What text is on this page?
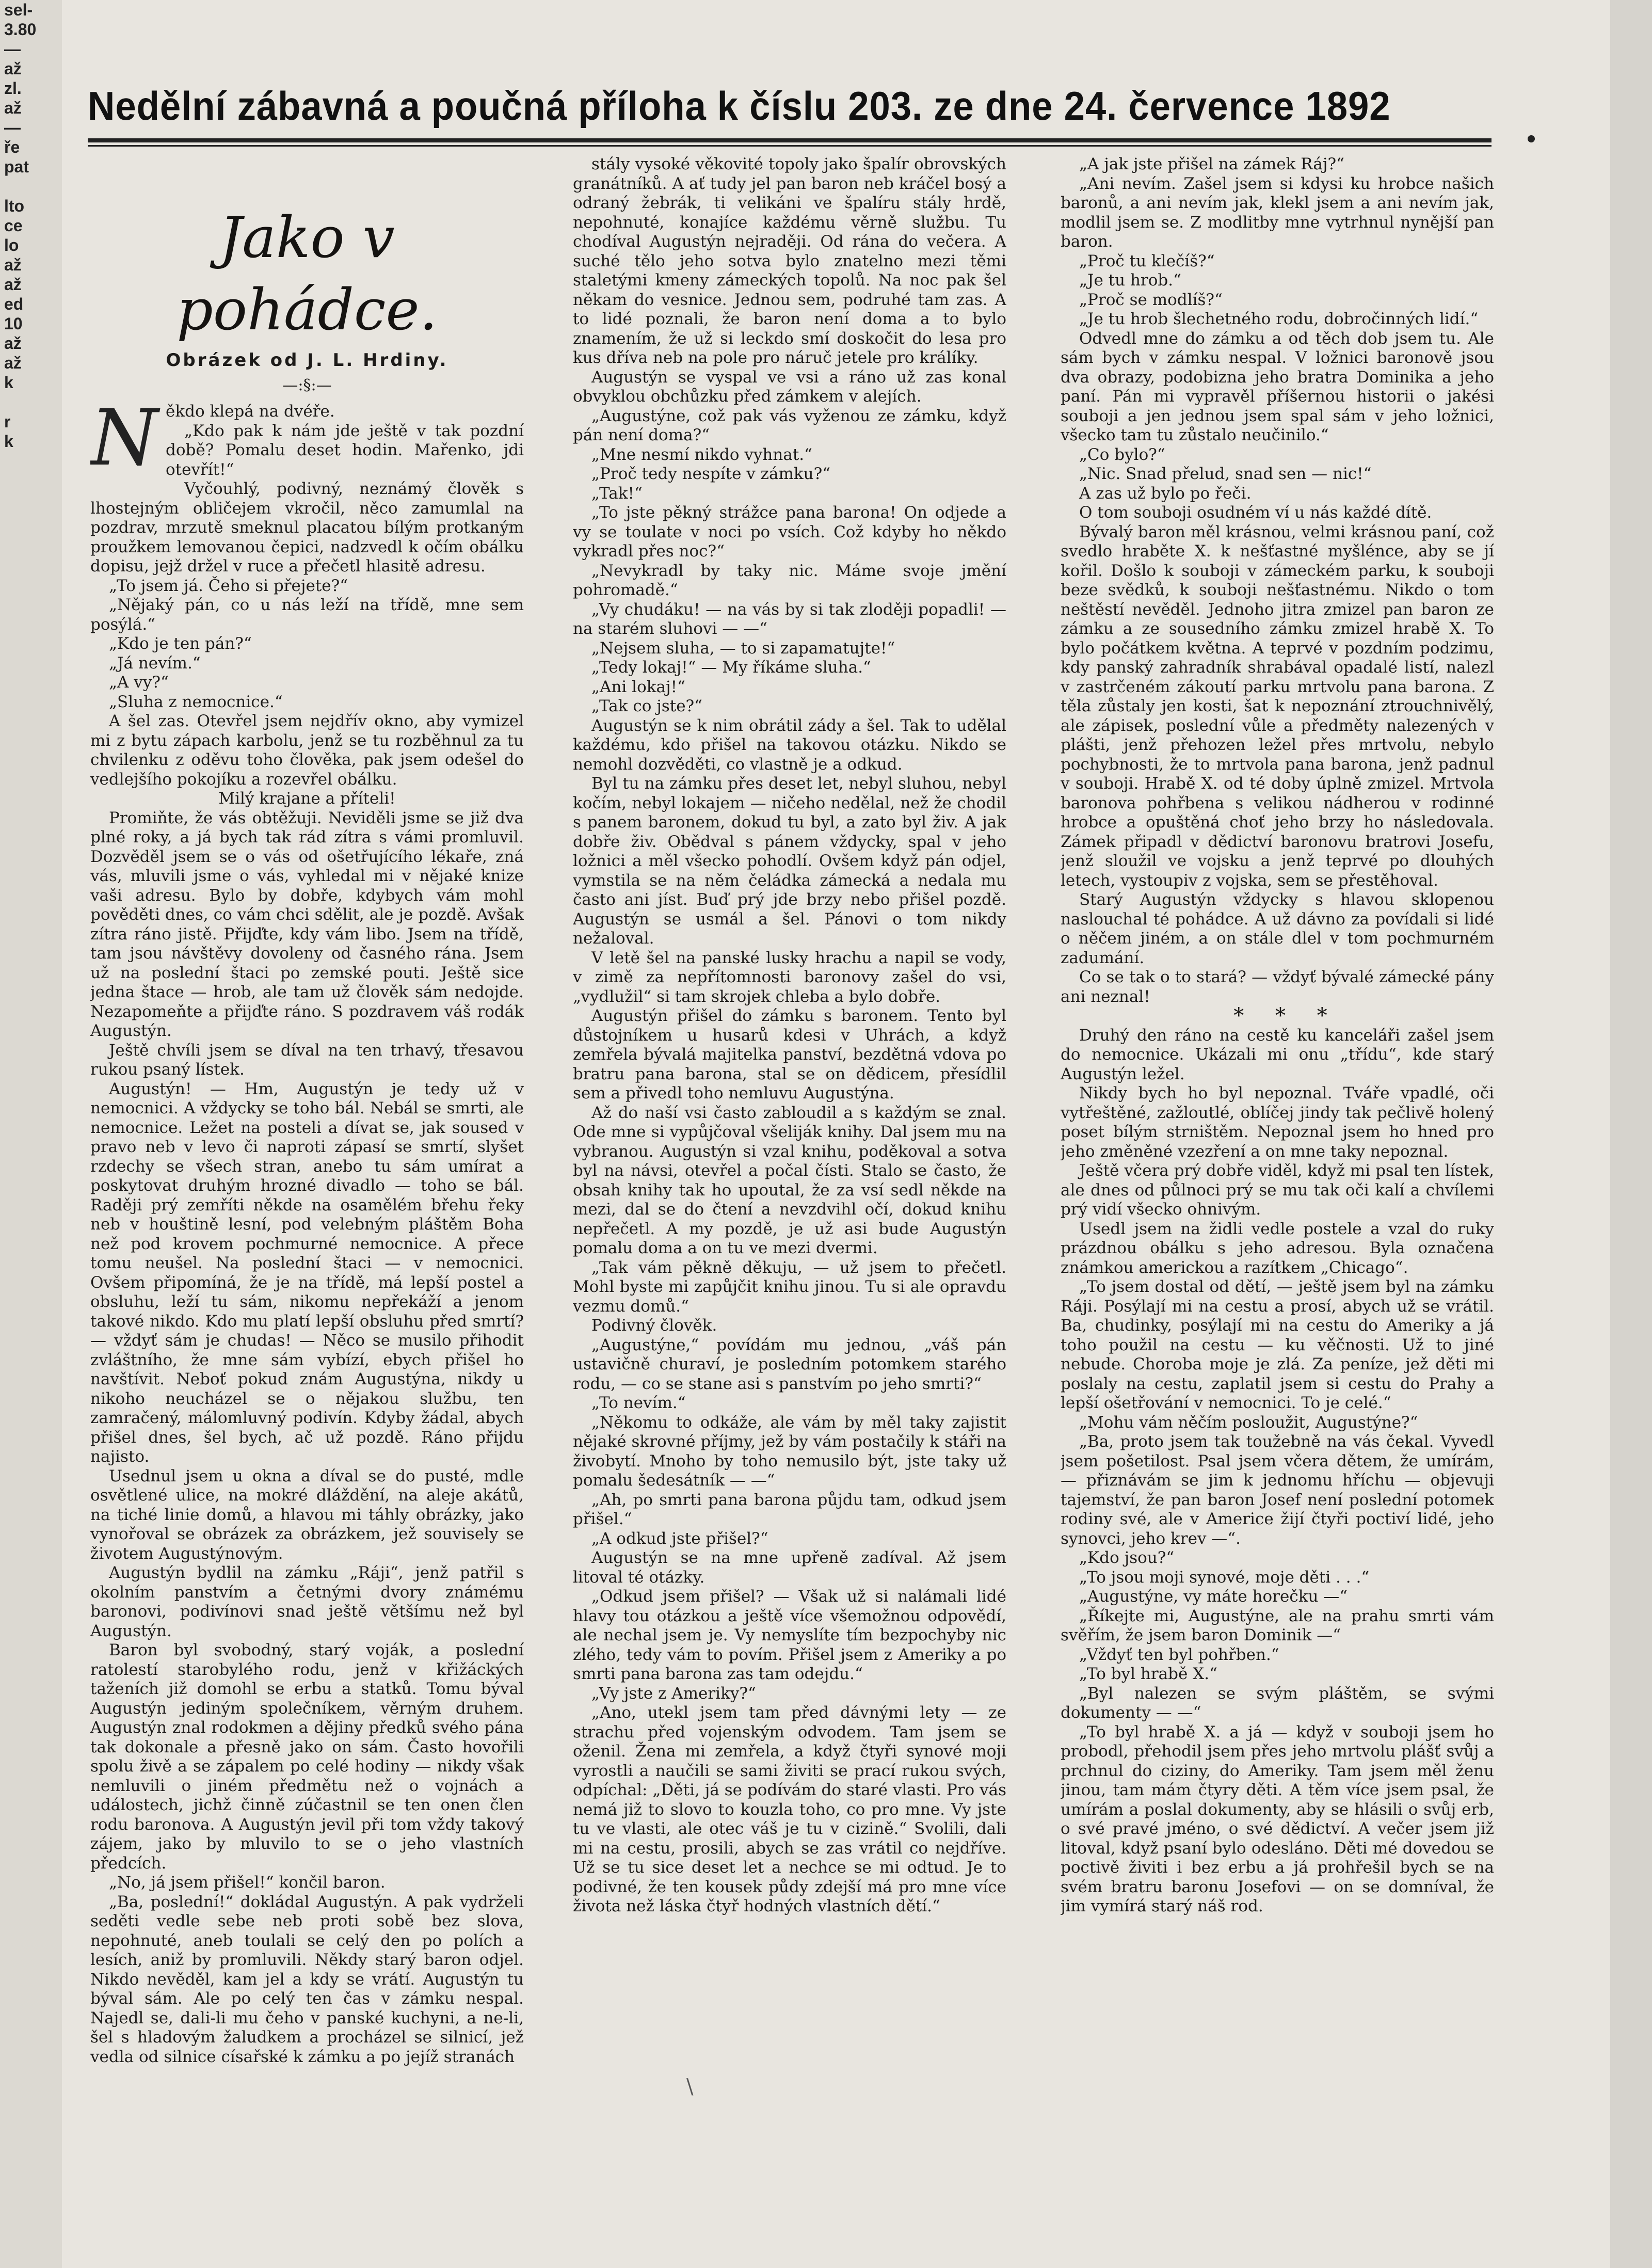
sel-
3.80
—
až
zl.
až
—
ře
pat

lto
ce
lo
až
až
ed
10
až
až
k

r
k
Nedělní zábavná a poučná příloha k číslu 203. ze dne 24. července 1892
Jako v pohádce.
Obrázek od J. L. Hrdiny.
—:§:—
N ěkdo klepá na dvéře.

„Kdo pak k nám jde ještě v tak pozdní době? Pomalu deset hodin. Mařenko, jdi otevřít!“

Vyčouhlý, podivný, neznámý člověk s lhostejným obličejem vkročil, něco zamumlal na pozdrav, mrzutě smeknul placatou bílým protkaným proužkem lemovanou čepici, nadzvedl k očím obálku dopisu, jejž držel v ruce a přečetl hlasitě adresu.

„To jsem já. Čeho si přejete?“

„Nějaký pán, co u nás leží na třídě, mne sem posýlá.“

„Kdo je ten pán?“

„Já nevím.“

„A vy?“

„Sluha z nemocnice.“

A šel zas. Otevřel jsem nejdřív okno, aby vymizel mi z bytu zápach karbolu, jenž se tu rozběhnul za tu chvilenku z oděvu toho člověka, pak jsem odešel do vedlejšího pokojíku a rozevřel obálku.

Milý krajane a příteli!

Promiňte, že vás obtěžuji. Neviděli jsme se již dva plné roky, a já bych tak rád zítra s vámi promluvil. Dozvěděl jsem se o vás od ošetřujícího lékaře, zná vás, mluvili jsme o vás, vyhledal mi v nějaké knize vaši adresu. Bylo by dobře, kdybych vám mohl pověděti dnes, co vám chci sdělit, ale je pozdě. Avšak zítra ráno jistě. Přijďte, kdy vám libo. Jsem na třídě, tam jsou návštěvy dovoleny od časného rána. Jsem už na poslední štaci po zemské pouti. Ještě sice jedna štace — hrob, ale tam už člověk sám nedojde. Nezapomeňte a přijďte ráno. S pozdravem váš rodák Augustýn.

Ještě chvíli jsem se díval na ten trhavý, třesavou rukou psaný lístek.

Augustýn! — Hm, Augustýn je tedy už v nemocnici. A vždycky se toho bál. Nebál se smrti, ale nemocnice. Ležet na posteli a dívat se, jak soused v pravo neb v levo či naproti zápasí se smrtí, slyšet rzdechy se všech stran, anebo tu sám umírat a poskytovat druhým hrozné divadlo — toho se bál. Raději prý zemříti někde na osamělém břehu řeky neb v houštině lesní, pod velebným pláštěm Boha než pod krovem pochmurné nemocnice. A přece tomu neušel. Na poslední štaci — v nemocnici. Ovšem připomíná, že je na třídě, má lepší postel a obsluhu, leží tu sám, nikomu nepřekáží a jenom takové nikdo. Kdo mu platí lepší obsluhu před smrtí? — vždyť sám je chudas! — Něco se musilo přihodit zvláštního, že mne sám vybízí, ebych přišel ho navštívit. Neboť pokud znám Augustýna, nikdy u nikoho neucházel se o nějakou službu, ten zamračený, málomluvný podivín. Kdyby žádal, abych přišel dnes, šel bych, ač už pozdě. Ráno přijdu najisto.

Usednul jsem u okna a díval se do pusté, mdle osvětlené ulice, na mokré dláždění, na aleje akátů, na tiché linie domů, a hlavou mi táhly obrázky, jako vynořoval se obrázek za obrázkem, jež souvisely se životem Augustýnovým.

Augustýn bydlil na zámku „Ráji“, jenž patřil s okolním panstvím a četnými dvory známému baronovi, podivínovi snad ještě většímu než byl Augustýn.

Baron byl svobodný, starý voják, a poslední ratolestí starobylého rodu, jenž v křižáckých taženích již domohl se erbu a statků. Tomu býval Augustýn jediným společníkem, věrným druhem. Augustýn znal rodokmen a dějiny předků svého pána tak dokonale a přesně jako on sám. Často hovořili spolu živě a se zápalem po celé hodiny — nikdy však nemluvili o jiném předmětu než o vojnách a událostech, jichž činně zúčastnil se ten onen člen rodu baronova. A Augustýn jevil při tom vždy takový zájem, jako by mluvilo to se o jeho vlastních předcích.

„No, já jsem přišel!“ končil baron.

„Ba, poslední!“ dokládal Augustýn. A pak vydrželi seděti vedle sebe neb proti sobě bez slova, nepohnuté, aneb toulali se celý den po polích a lesích, aniž by promluvili. Někdy starý baron odjel. Nikdo nevěděl, kam jel a kdy se vrátí. Augustýn tu býval sám. Ale po celý ten čas v zámku nespal. Najedl se, dali-li mu čeho v panské kuchyni, a ne-li, šel s hladovým žaludkem a procházel se silnicí, jež vedla od silnice císařské k zámku a po jejíž stranách

stály vysoké věkovité topoly jako špalír obrovských granátníků. A ať tudy jel pan baron neb kráčel bosý a odraný žebrák, ti velikáni ve špalíru stály hrdě, nepohnuté, konajíce každému věrně službu. Tu chodíval Augustýn nejraději. Od rána do večera. A suché tělo jeho sotva bylo znatelno mezi těmi staletými kmeny zámeckých topolů. Na noc pak šel někam do vesnice. Jednou sem, podruhé tam zas. A to lidé poznali, že baron není doma a to bylo znamením, že už si leckdo smí doskočit do lesa pro kus dříva neb na pole pro náruč jetele pro králíky.

Augustýn se vyspal ve vsi a ráno už zas konal obvyklou obchůzku před zámkem v alejích.

„Augustýne, což pak vás vyženou ze zámku, když pán není doma?“

„Mne nesmí nikdo vyhnat.“

„Proč tedy nespíte v zámku?“

„Tak!“

„To jste pěkný strážce pana barona! On odjede a vy se toulate v noci po vsích. Což kdyby ho někdo vykradl přes noc?“

„Nevykradl by taky nic. Máme svoje jmění pohromadě.“

„Vy chudáku! — na vás by si tak zloději popadli! — na starém sluhovi — —“

„Nejsem sluha, — to si zapamatujte!“

„Tedy lokaj!“ — My říkáme sluha.“

„Ani lokaj!“

„Tak co jste?“

Augustýn se k nim obrátil zády a šel. Tak to udělal každému, kdo přišel na takovou otázku. Nikdo se nemohl dozvěděti, co vlastně je a odkud.

Byl tu na zámku přes deset let, nebyl sluhou, nebyl kočím, nebyl lokajem — ničeho nedělal, než že chodil s panem baronem, dokud tu byl, a zato byl živ. A jak dobře živ. Obědval s pánem vždycky, spal v jeho ložnici a měl všecko pohodlí. Ovšem když pán odjel, vymstila se na něm čeládka zámecká a nedala mu často ani jíst. Buď prý jde brzy nebo přišel pozdě. Augustýn se usmál a šel. Pánovi o tom nikdy nežaloval.

V letě šel na panské lusky hrachu a napil se vody, v zimě za nepřítomnosti baronovy zašel do vsi, „vydlužil“ si tam skrojek chleba a bylo dobře.

Augustýn přišel do zámku s baronem. Tento byl důstojníkem u husarů kdesi v Uhrách, a když zemřela bývalá majitelka panství, bezdětná vdova po bratru pana barona, stal se on dědicem, přesídlil sem a přivedl toho nemluvu Augustýna.

Až do naší vsi často zabloudil a s každým se znal. Ode mne si vypůjčoval všeliják knihy. Dal jsem mu na vybranou. Augustýn si vzal knihu, poděkoval a sotva byl na návsi, otevřel a počal čísti. Stalo se často, že obsah knihy tak ho upoutal, že za vsí sedl někde na mezi, dal se do čtení a nevzdvihl očí, dokud knihu nepřečetl. A my pozdě, je už asi bude Augustýn pomalu doma a on tu ve mezi dvermi.

„Tak vám pěkně děkuju, — už jsem to přečetl. Mohl byste mi zapůjčit knihu jinou. Tu si ale opravdu vezmu domů.“

Podivný člověk.

„Augustýne,“ povídám mu jednou, „váš pán ustavičně churaví, je posledním potomkem starého rodu, — co se stane asi s panstvím po jeho smrti?“

„To nevím.“

„Někomu to odkáže, ale vám by měl taky zajistit nějaké skrovné příjmy, jež by vám postačily k stáři na živobytí. Mnoho by toho nemusilo být, jste taky už pomalu šedesátník — —“

„Ah, po smrti pana barona půjdu tam, odkud jsem přišel.“

„A odkud jste přišel?“

Augustýn se na mne upřeně zadíval. Až jsem litoval té otázky.

„Odkud jsem přišel? — Však už si nalámali lidé hlavy tou otázkou a ještě více všemožnou odpovědí, ale nechal jsem je. Vy nemyslíte tím bezpochyby nic zlého, tedy vám to povím. Přišel jsem z Ameriky a po smrti pana barona zas tam odejdu.“

„Vy jste z Ameriky?“

„Ano, utekl jsem tam před dávnými lety — ze strachu před vojenským odvodem. Tam jsem se oženil. Žena mi zemřela, a když čtyři synové moji vyrostli a naučili se sami živiti se prací rukou svých, odpíchal: „Děti, já se podívám do staré vlasti. Pro vás nemá již to slovo to kouzla toho, co pro mne. Vy jste tu ve vlasti, ale otec váš je tu v cizině.“ Svolili, dali mi na cestu, prosili, abych se zas vrátil co nejdříve. Už se tu sice deset let a nechce se mi odtud. Je to podivné, že ten kousek půdy zdejší má pro mne více života než láska čtyř hodných vlastních dětí.“

„A jak jste přišel na zámek Ráj?“

„Ani nevím. Zašel jsem si kdysi ku hrobce našich baronů, a ani nevím jak, klekl jsem a ani nevím jak, modlil jsem se. Z modlitby mne vytrhnul nynější pan baron.

„Proč tu klečíš?“

„Je tu hrob.“

„Proč se modlíš?“

„Je tu hrob šlechetného rodu, dobročinných lidí.“

Odvedl mne do zámku a od těch dob jsem tu. Ale sám bych v zámku nespal. V ložnici baronově jsou dva obrazy, podobizna jeho bratra Dominika a jeho paní. Pán mi vypravěl příšernou historii o jakési souboji a jen jednou jsem spal sám v jeho ložnici, všecko tam tu zůstalo neučinilo.“

„Co bylo?“

„Nic. Snad přelud, snad sen — nic!“

A zas už bylo po řeči.

O tom souboji osudném ví u nás každé dítě.

Bývalý baron měl krásnou, velmi krásnou paní, což svedlo hraběte X. k nešťastné myšlénce, aby se jí kořil. Došlo k souboji v zámeckém parku, k souboji beze svědků, k souboji nešťastnému. Nikdo o tom neštěstí nevěděl. Jednoho jitra zmizel pan baron ze zámku a ze sousedního zámku zmizel hrabě X. To bylo počátkem května. A teprvé v pozdním podzimu, kdy panský zahradník shrabával opadalé listí, nalezl v zastrčeném zákoutí parku mrtvolu pana barona. Z těla zůstaly jen kosti, šat k nepoznání ztrouchnivělý, ale zápisek, poslední vůle a předměty nalezených v plášti, jenž přehozen ležel přes mrtvolu, nebylo pochybnosti, že to mrtvola pana barona, jenž padnul v souboji. Hrabě X. od té doby úplně zmizel. Mrtvola baronova pohřbena s velikou nádherou v rodinné hrobce a opuštěná choť jeho brzy ho následovala. Zámek připadl v dědictví baronovu bratrovi Josefu, jenž sloužil ve vojsku a jenž teprvé po dlouhých letech, vystoupiv z vojska, sem se přestěhoval.

Starý Augustýn vždycky s hlavou sklopenou naslouchal té pohádce. A už dávno za povídali si lidé o něčem jiném, a on stále dlel v tom pochmurném zadumání.

Co se tak o to stará? — vždyť bývalé zámecké pány ani neznal!

* * *

Druhý den ráno na cestě ku kanceláři zašel jsem do nemocnice. Ukázali mi onu „třídu“, kde starý Augustýn ležel.

Nikdy bych ho byl nepoznal. Tváře vpadlé, oči vytřeštěné, zažloutlé, oblíčej jindy tak pečlivě holený poset bílým strništěm. Nepoznal jsem ho hned pro jeho změněné vzezření a on mne taky nepoznal.

Ještě včera prý dobře viděl, když mi psal ten lístek, ale dnes od půlnoci prý se mu tak oči kalí a chvílemi prý vidí všecko ohnivým.

Usedl jsem na židli vedle postele a vzal do ruky prázdnou obálku s jeho adresou. Byla označena známkou americkou a razítkem „Chicago“.

„To jsem dostal od dětí, — ještě jsem byl na zámku Ráji. Posýlají mi na cestu a prosí, abych už se vrátil. Ba, chudinky, posýlají mi na cestu do Ameriky a já toho použil na cestu — ku věčnosti. Už to jiné nebude. Choroba moje je zlá. Za peníze, jež děti mi poslaly na cestu, zaplatil jsem si cestu do Prahy a lepší ošetřování v nemocnici. To je celé.“

„Mohu vám něčím posloužit, Augustýne?“

„Ba, proto jsem tak toužebně na vás čekal. Vyvedl jsem pošetilost. Psal jsem včera dětem, že umírám, — přiznávám se jim k jednomu hříchu — objevuji tajemství, že pan baron Josef není poslední potomek rodiny své, ale v Americe žijí čtyři poctiví lidé, jeho synovci, jeho krev —“.

„Kdo jsou?“

„To jsou moji synové, moje děti . . .“

„Augustýne, vy máte horečku —“

„Říkejte mi, Augustýne, ale na prahu smrti vám svěřím, že jsem baron Dominik —“

„Vždyť ten byl pohřben.“

„To byl hrabě X.“

„Byl nalezen se svým pláštěm, se svými dokumenty — —“

„To byl hrabě X. a já — když v souboji jsem ho probodl, přehodil jsem přes jeho mrtvolu plášť svůj a prchnul do ciziny, do Ameriky. Tam jsem měl ženu jinou, tam mám čtyry děti. A těm více jsem psal, že umírám a poslal dokumenty, aby se hlásili o svůj erb, o své pravé jméno, o své dědictví. A večer jsem již litoval, když psaní bylo odesláno. Děti mé dovedou se poctivě živiti i bez erbu a já prohřešil bych se na svém bratru baronu Josefovi — on se domníval, že jim vymírá starý náš rod.

\
